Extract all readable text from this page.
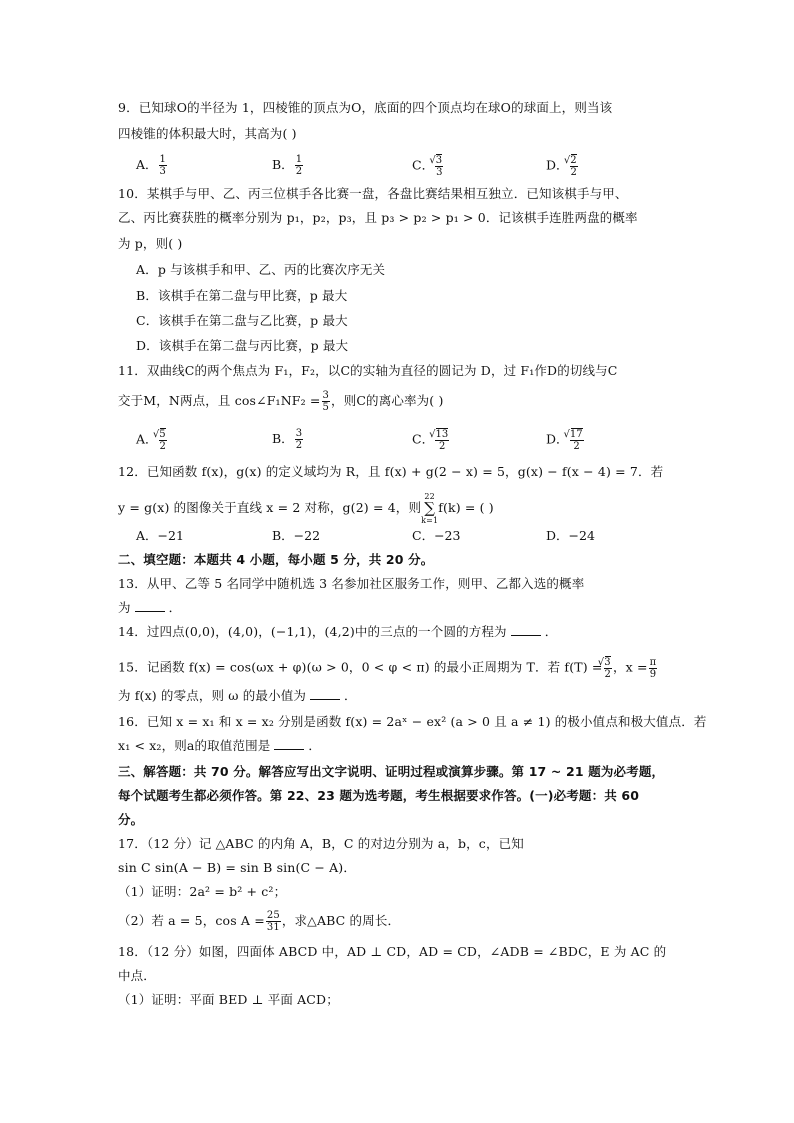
9．已知球O的半径为 1，四棱锥的顶点为O，底面的四个顶点均在球O的球面上，则当该
四棱锥的体积最大时，其高为( )
A． $\frac{1}{3}$	B． $\frac{1}{2}$	C． √ $\frac{3}{3}$	D． √ $\frac{2}{2}$
10．某棋手与甲、乙、丙三位棋手各比赛一盘，各盘比赛结果相互独立．已知该棋手与甲、
乙、丙比赛获胜的概率分别为 p₁，p₂，p₃，且 p₃ > p₂ > p₁ > 0．记该棋手连胜两盘的概率
为 p，则( )
A．p 与该棋手和甲、乙、丙的比赛次序无关
B．该棋手在第二盘与甲比赛，p 最大
C．该棋手在第二盘与乙比赛，p 最大
D．该棋手在第二盘与丙比赛，p 最大
11．双曲线C的两个焦点为 F₁，F₂，以C的实轴为直径的圆记为 D，过 F₁作D的切线与C
交于M，N两点，且 cos∠F₁NF₂ = $\frac{3}{5}$ ，则C的离心率为( )
A． √ $\frac{5}{2}$	B． $\frac{3}{2}$	C． √ $\frac{13}{2}$	D． √ $\frac{17}{2}$
12．已知函数 f(x)，g(x) 的定义域均为 R，且 f(x) + g(2 − x) = 5，g(x) − f(x − 4) = 7．若
y = g(x) 的图像关于直线 x = 2 对称，g(2) = 4，则22
∑
k=1f(k) = ( )
A．−21	B．−22	C．−23	D．−24
二、填空题：本题共 4 小题，每小题 5 分，共 20 分。
13．从甲、乙等 5 名同学中随机选 3 名参加社区服务工作，则甲、乙都入选的概率
为	．
14．过四点(0,0)，(4,0)，(−1,1)，(4,2)中的三点的一个圆的方程为	．
15．记函数 f(x) = cos(ωx + φ)(ω > 0，0 < φ < π) 的最小正周期为 T．若 f(T) = √ $\frac{3}{2}$ ，$x = \frac{\pi}{9}$
为 f(x) 的零点，则 ω 的最小值为	．
16．已知 x = x₁ 和 x = x₂ 分别是函数 f(x) = 2aˣ − ex² (a > 0 且 a ≠ 1) 的极小值点和极大值点．若
x₁ < x₂，则a的取值范围是	．
三、解答题：共 70 分。解答应写出文字说明、证明过程或演算步骤。第 17 ~ 21 题为必考题，
每个试题考生都必须作答。第 22、23 题为选考题，考生根据要求作答。(一)必考题：共 60
分。
17．（12 分）记 △ABC 的内角 A，B，C 的对边分别为 a，b，c，已知
sin C sin(A − B) = sin B sin(C − A)．
（1）证明：2a² = b² + c²；
（2）若 a = 5，$\cos A = \frac{25}{31}$ ，求△ABC 的周长．
18．（12 分）如图，四面体 ABCD 中，AD ⊥ CD，AD = CD，∠ADB = ∠BDC，E 为 AC 的
中点．
（1）证明：平面 BED ⊥ 平面 ACD；
